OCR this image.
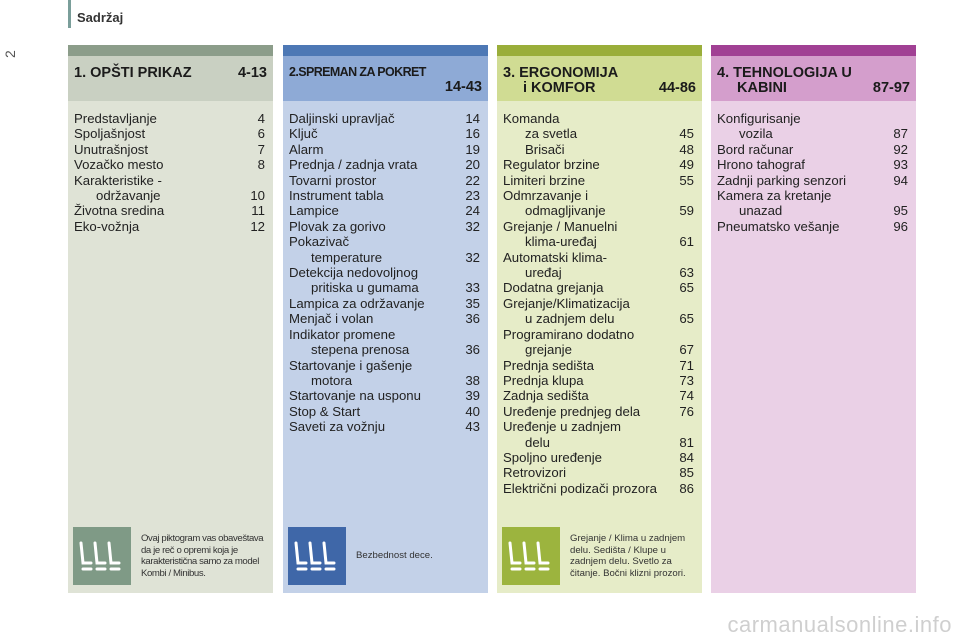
Sadržaj
2
1. OPŠTI PRIKAZ	4-13
Predstavljanje	4
Spoljašnjost	6
Unutrašnjost	7
Vozačko mesto	8
Karakteristike -
održavanje	10
Životna sredina	11
Eko-vožnja	12
Ovaj piktogram vas obaveštava da je reč o opremi koja je karakteristična samo za model Kombi / Minibus.
2.SPREMAN ZA POKRET
14-43
Daljinski upravljač	14
Ključ	16
Alarm	19
Prednja / zadnja vrata	20
Tovarni prostor	22
Instrument tabla	23
Lampice	24
Plovak za gorivo	32
Pokazivač
temperature	32
Detekcija nedovoljnog
pritiska u gumama	33
Lampica za održavanje	35
Menjač i volan	36
Indikator promene
stepena prenosa	36
Startovanje i gašenje
motora	38
Startovanje na usponu	39
Stop & Start	40
Saveti za vožnju	43
Bezbednost dece.
3. ERGONOMIJA
i KOMFOR	44-86
Komanda
za svetla	45
Brisači	48
Regulator brzine	49
Limiteri brzine	55
Odmrzavanje i
odmagljivanje	59
Grejanje / Manuelni
klima-uređaj	61
Automatski klima-
uređaj	63
Dodatna grejanja	65
Grejanje/Klimatizacija
u zadnjem delu	65
Programirano dodatno
grejanje	67
Prednja sedišta	71
Prednja klupa	73
Zadnja sedišta	74
Uređenje prednjeg dela	76
Uređenje u zadnjem
delu	81
Spoljno uređenje	84
Retrovizori	85
Električni podizači prozora	86
Grejanje / Klima u zadnjem delu. Sedišta / Klupe u zadnjem delu. Svetlo za čitanje. Bočni klizni prozori.
4. TEHNOLOGIJA U
KABINI	87-97
Konfigurisanje
vozila	87
Bord računar	92
Hrono tahograf	93
Zadnji parking senzori	94
Kamera za kretanje
unazad	95
Pneumatsko vešanje	96
carmanualsonline.info
